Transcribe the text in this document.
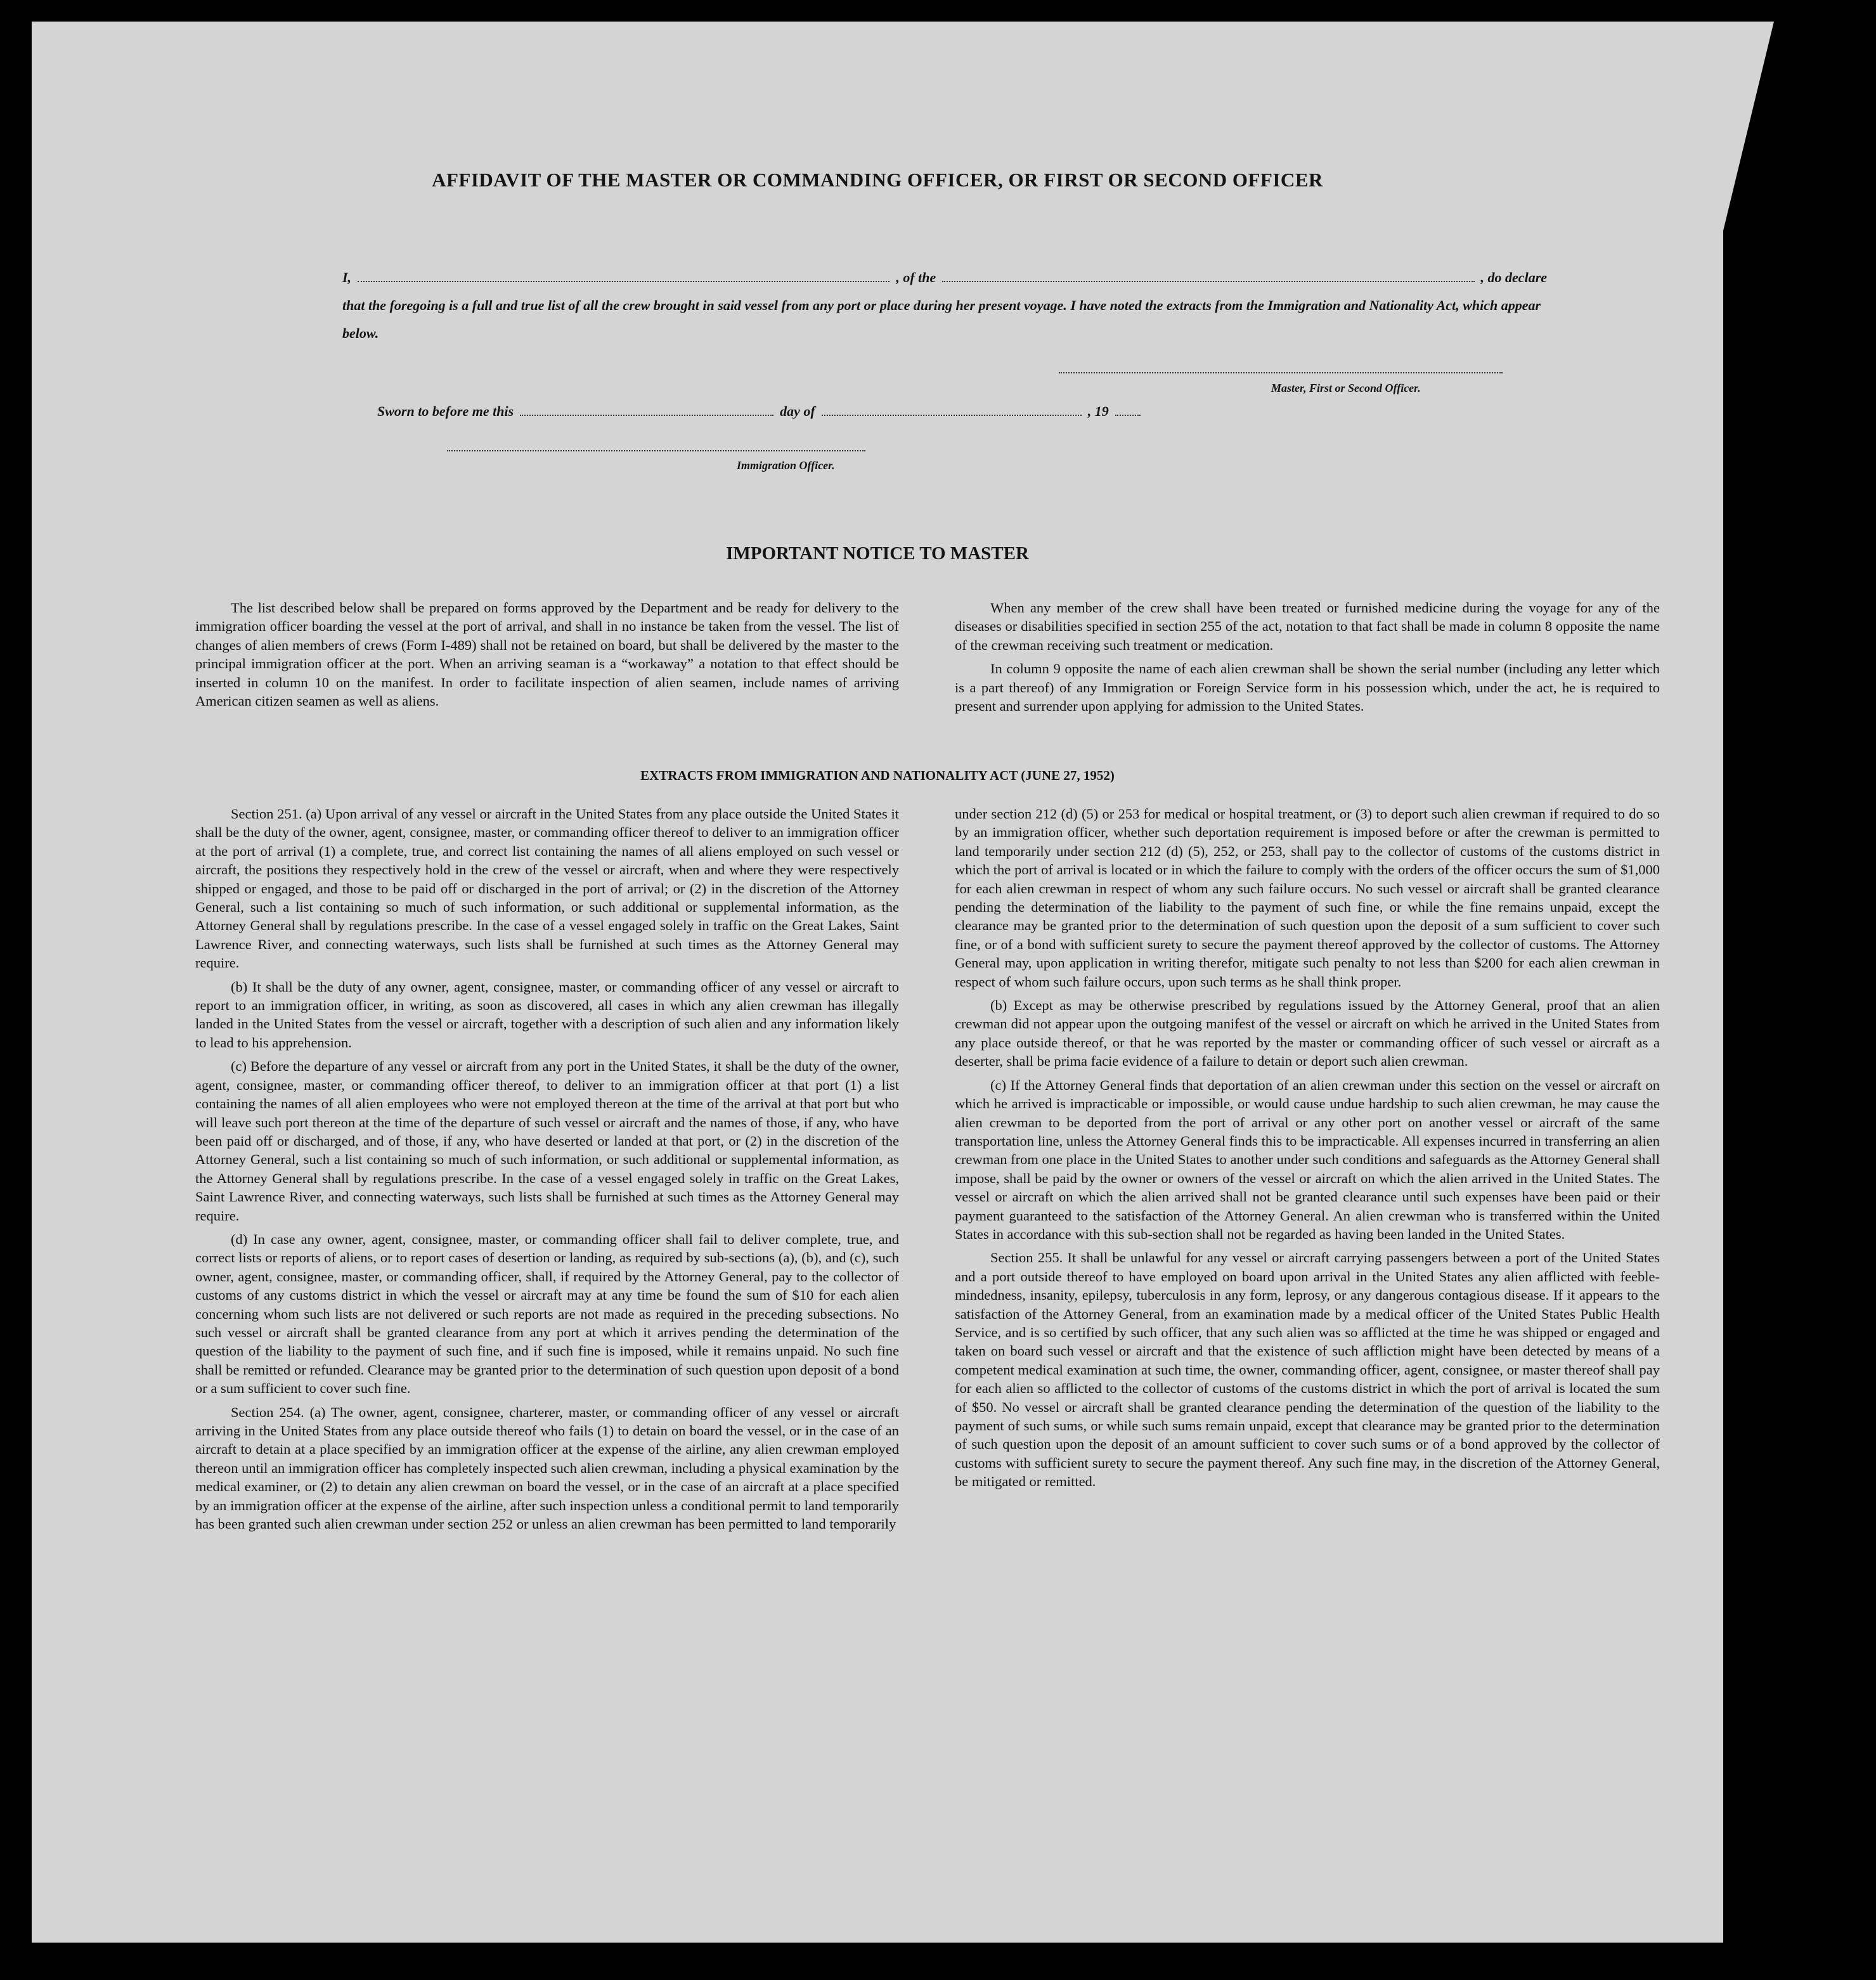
AFFIDAVIT OF THE MASTER OR COMMANDING OFFICER, OR FIRST OR SECOND OFFICER
I,	, of the	, do declare

that the foregoing is a full and true list of all the crew brought in said vessel from any port or place during her present voyage. I have noted the extracts from the Immigration and Nationality Act, which appear below.

Master, First or Second Officer.
Sworn to before me this	day of	, 19
Immigration Officer.
IMPORTANT NOTICE TO MASTER

The list described below shall be prepared on forms approved by the Department and be ready for delivery to the immigration officer boarding the vessel at the port of arrival, and shall in no instance be taken from the vessel. The list of changes of alien members of crews (Form I-489) shall not be retained on board, but shall be delivered by the master to the principal immigration officer at the port. When an arriving seaman is a “workaway” a notation to that effect should be inserted in column 10 on the manifest. In order to facilitate inspection of alien seamen, include names of arriving American citizen seamen as well as aliens.

When any member of the crew shall have been treated or furnished medicine during the voyage for any of the diseases or disabilities specified in section 255 of the act, notation to that fact shall be made in column 8 opposite the name of the crewman receiving such treatment or medication.

In column 9 opposite the name of each alien crewman shall be shown the serial number (including any letter which is a part thereof) of any Immigration or Foreign Service form in his possession which, under the act, he is required to present and surrender upon applying for admission to the United States.

EXTRACTS FROM IMMIGRATION AND NATIONALITY ACT (JUNE 27, 1952)

Section 251. (a) Upon arrival of any vessel or aircraft in the United States from any place outside the United States it shall be the duty of the owner, agent, consignee, master, or commanding officer thereof to deliver to an immigration officer at the port of arrival (1) a complete, true, and correct list containing the names of all aliens employed on such vessel or aircraft, the positions they respectively hold in the crew of the vessel or aircraft, when and where they were respectively shipped or engaged, and those to be paid off or discharged in the port of arrival; or (2) in the discretion of the Attorney General, such a list containing so much of such information, or such additional or supplemental information, as the Attorney General shall by regulations prescribe. In the case of a vessel engaged solely in traffic on the Great Lakes, Saint Lawrence River, and connecting waterways, such lists shall be furnished at such times as the Attorney General may require.

(b) It shall be the duty of any owner, agent, consignee, master, or commanding officer of any vessel or aircraft to report to an immigration officer, in writing, as soon as discovered, all cases in which any alien crewman has illegally landed in the United States from the vessel or aircraft, together with a description of such alien and any information likely to lead to his apprehension.

(c) Before the departure of any vessel or aircraft from any port in the United States, it shall be the duty of the owner, agent, consignee, master, or commanding officer thereof, to deliver to an immigration officer at that port (1) a list containing the names of all alien employees who were not employed thereon at the time of the arrival at that port but who will leave such port thereon at the time of the departure of such vessel or aircraft and the names of those, if any, who have been paid off or discharged, and of those, if any, who have deserted or landed at that port, or (2) in the discretion of the Attorney General, such a list containing so much of such information, or such additional or supplemental information, as the Attorney General shall by regulations prescribe. In the case of a vessel engaged solely in traffic on the Great Lakes, Saint Lawrence River, and connecting waterways, such lists shall be furnished at such times as the Attorney General may require.

(d) In case any owner, agent, consignee, master, or commanding officer shall fail to deliver complete, true, and correct lists or reports of aliens, or to report cases of desertion or landing, as required by sub-sections (a), (b), and (c), such owner, agent, consignee, master, or commanding officer, shall, if required by the Attorney General, pay to the collector of customs of any customs district in which the vessel or aircraft may at any time be found the sum of $10 for each alien concerning whom such lists are not delivered or such reports are not made as required in the preceding subsections. No such vessel or aircraft shall be granted clearance from any port at which it arrives pending the determination of the question of the liability to the payment of such fine, and if such fine is imposed, while it remains unpaid. No such fine shall be remitted or refunded. Clearance may be granted prior to the determination of such question upon deposit of a bond or a sum sufficient to cover such fine.

Section 254. (a) The owner, agent, consignee, charterer, master, or commanding officer of any vessel or aircraft arriving in the United States from any place outside thereof who fails (1) to detain on board the vessel, or in the case of an aircraft to detain at a place specified by an immigration officer at the expense of the airline, any alien crewman employed thereon until an immigration officer has completely inspected such alien crewman, including a physical examination by the medical examiner, or (2) to detain any alien crewman on board the vessel, or in the case of an aircraft at a place specified by an immigration officer at the expense of the airline, after such inspection unless a conditional permit to land temporarily has been granted such alien crewman under section 252 or unless an alien crewman has been permitted to land temporarily

under section 212 (d) (5) or 253 for medical or hospital treatment, or (3) to deport such alien crewman if required to do so by an immigration officer, whether such deportation requirement is imposed before or after the crewman is permitted to land temporarily under section 212 (d) (5), 252, or 253, shall pay to the collector of customs of the customs district in which the port of arrival is located or in which the failure to comply with the orders of the officer occurs the sum of $1,000 for each alien crewman in respect of whom any such failure occurs. No such vessel or aircraft shall be granted clearance pending the determination of the liability to the payment of such fine, or while the fine remains unpaid, except the clearance may be granted prior to the determination of such question upon the deposit of a sum sufficient to cover such fine, or of a bond with sufficient surety to secure the payment thereof approved by the collector of customs. The Attorney General may, upon application in writing therefor, mitigate such penalty to not less than $200 for each alien crewman in respect of whom such failure occurs, upon such terms as he shall think proper.

(b) Except as may be otherwise prescribed by regulations issued by the Attorney General, proof that an alien crewman did not appear upon the outgoing manifest of the vessel or aircraft on which he arrived in the United States from any place outside thereof, or that he was reported by the master or commanding officer of such vessel or aircraft as a deserter, shall be prima facie evidence of a failure to detain or deport such alien crewman.

(c) If the Attorney General finds that deportation of an alien crewman under this section on the vessel or aircraft on which he arrived is impracticable or impossible, or would cause undue hardship to such alien crewman, he may cause the alien crewman to be deported from the port of arrival or any other port on another vessel or aircraft of the same transportation line, unless the Attorney General finds this to be impracticable. All expenses incurred in transferring an alien crewman from one place in the United States to another under such conditions and safeguards as the Attorney General shall impose, shall be paid by the owner or owners of the vessel or aircraft on which the alien arrived in the United States. The vessel or aircraft on which the alien arrived shall not be granted clearance until such expenses have been paid or their payment guaranteed to the satisfaction of the Attorney General. An alien crewman who is transferred within the United States in accordance with this sub-section shall not be regarded as having been landed in the United States.

Section 255. It shall be unlawful for any vessel or aircraft carrying passengers between a port of the United States and a port outside thereof to have employed on board upon arrival in the United States any alien afflicted with feeble-mindedness, insanity, epilepsy, tuberculosis in any form, leprosy, or any dangerous contagious disease. If it appears to the satisfaction of the Attorney General, from an examination made by a medical officer of the United States Public Health Service, and is so certified by such officer, that any such alien was so afflicted at the time he was shipped or engaged and taken on board such vessel or aircraft and that the existence of such affliction might have been detected by means of a competent medical examination at such time, the owner, commanding officer, agent, consignee, or master thereof shall pay for each alien so afflicted to the collector of customs of the customs district in which the port of arrival is located the sum of $50. No vessel or aircraft shall be granted clearance pending the determination of the question of the liability to the payment of such sums, or while such sums remain unpaid, except that clearance may be granted prior to the determination of such question upon the deposit of an amount sufficient to cover such sums or of a bond approved by the collector of customs with sufficient surety to secure the payment thereof. Any such fine may, in the discretion of the Attorney General, be mitigated or remitted.
